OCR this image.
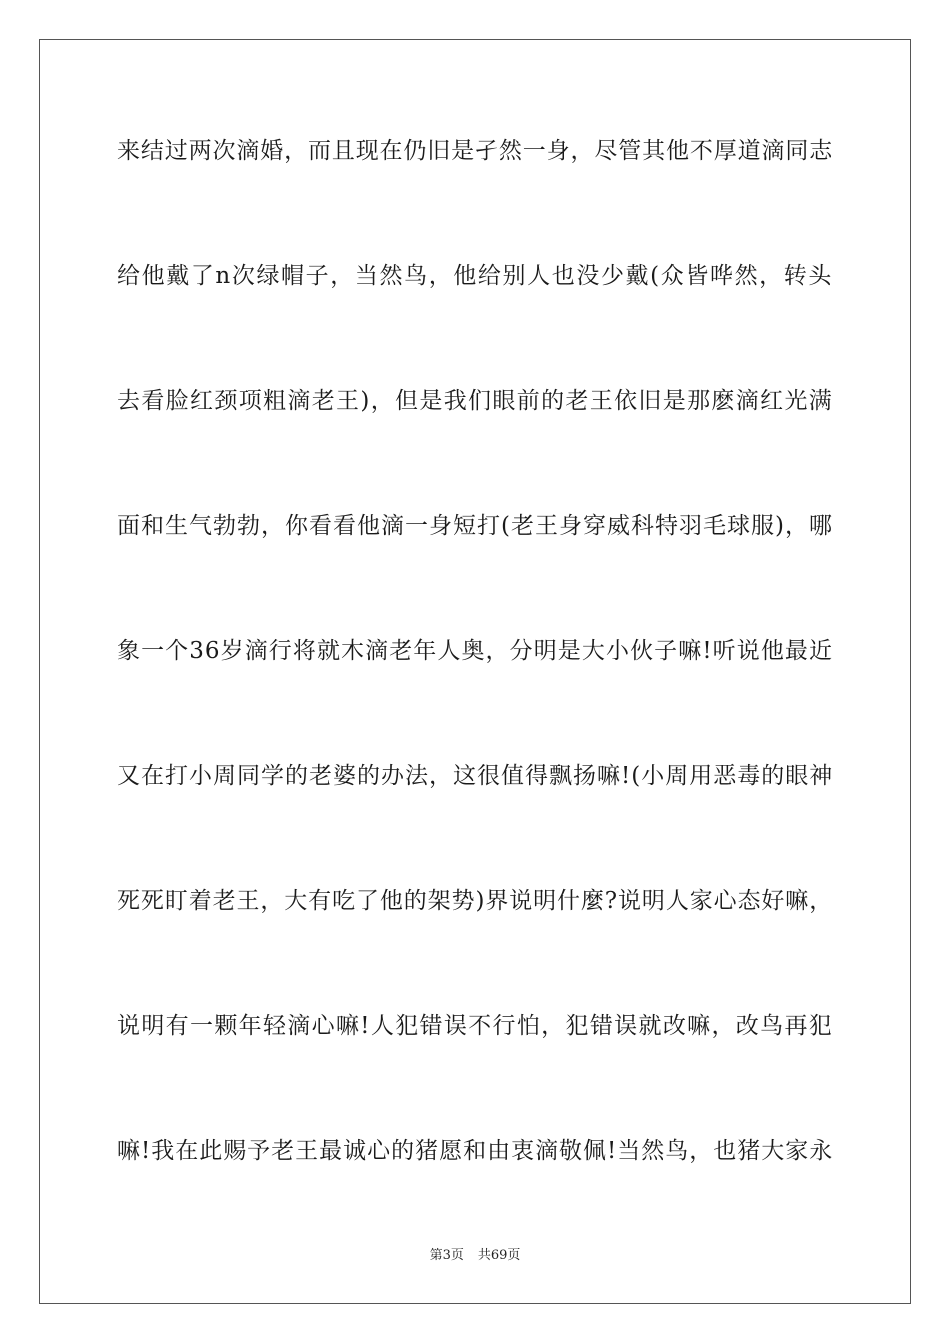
来结过两次滴婚，而且现在仍旧是孑然一身，尽管其他不厚道滴同志
给他戴了n次绿帽子，当然鸟，他给别人也没少戴(众皆哗然，转头
去看脸红颈项粗滴老王)，但是我们眼前的老王依旧是那麽滴红光满
面和生气勃勃，你看看他滴一身短打(老王身穿威科特羽毛球服)，哪
象一个36岁滴行将就木滴老年人奥，分明是大小伙子嘛!听说他最近
又在打小周同学的老婆的办法，这很值得飘扬嘛!(小周用恶毒的眼神
死死盯着老王，大有吃了他的架势)界说明什麼?说明人家心态好嘛，
说明有一颗年轻滴心嘛!人犯错误不行怕，犯错误就改嘛，改鸟再犯
嘛!我在此赐予老王最诚心的猪愿和由衷滴敬佩!当然鸟，也猪大家永
第3页 共69页
